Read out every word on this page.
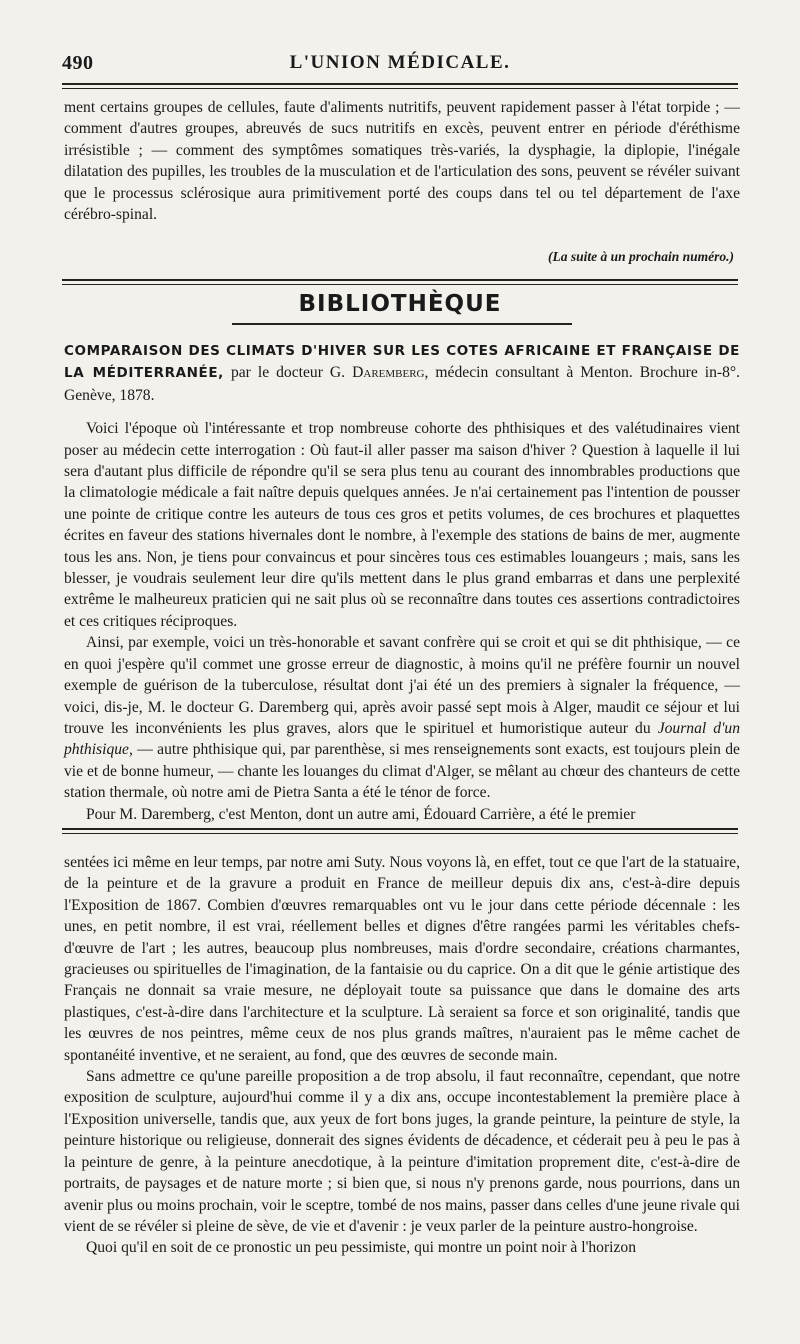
490	L'UNION MÉDICALE.

ment certains groupes de cellules, faute d'aliments nutritifs, peuvent rapidement passer à l'état torpide ; — comment d'autres groupes, abreuvés de sucs nutritifs en excès, peuvent entrer en période d'éréthisme irrésistible ; — comment des symptômes somatiques très-variés, la dysphagie, la diplopie, l'inégale dilatation des pupilles, les troubles de la musculation et de l'articulation des sons, peuvent se révéler suivant que le processus sclérosique aura primitivement porté des coups dans tel ou tel département de l'axe cérébro-spinal.

(La suite à un prochain numéro.)
BIBLIOTHÈQUE

COMPARAISON DES CLIMATS D'HIVER SUR LES COTES AFRICAINE ET FRANÇAISE DE LA MÉDITERRANÉE, par le docteur G. Daremberg, médecin consultant à Menton. Brochure in-8°. Genève, 1878.

Voici l'époque où l'intéressante et trop nombreuse cohorte des phthisiques et des valétudinaires vient poser au médecin cette interrogation : Où faut-il aller passer ma saison d'hiver ? Question à laquelle il lui sera d'autant plus difficile de répondre qu'il se sera plus tenu au courant des innombrables productions que la climatologie médicale a fait naître depuis quelques années. Je n'ai certainement pas l'intention de pousser une pointe de critique contre les auteurs de tous ces gros et petits volumes, de ces brochures et plaquettes écrites en faveur des stations hivernales dont le nombre, à l'exemple des stations de bains de mer, augmente tous les ans. Non, je tiens pour convaincus et pour sincères tous ces estimables louangeurs ; mais, sans les blesser, je voudrais seulement leur dire qu'ils mettent dans le plus grand embarras et dans une perplexité extrême le malheureux praticien qui ne sait plus où se reconnaître dans toutes ces assertions contradictoires et ces critiques réciproques.

Ainsi, par exemple, voici un très-honorable et savant confrère qui se croit et qui se dit phthisique, — ce en quoi j'espère qu'il commet une grosse erreur de diagnostic, à moins qu'il ne préfère fournir un nouvel exemple de guérison de la tuberculose, résultat dont j'ai été un des premiers à signaler la fréquence, — voici, dis-je, M. le docteur G. Daremberg qui, après avoir passé sept mois à Alger, maudit ce séjour et lui trouve les inconvénients les plus graves, alors que le spirituel et humoristique auteur du Journal d'un phthisique, — autre phthisique qui, par parenthèse, si mes renseignements sont exacts, est toujours plein de vie et de bonne humeur, — chante les louanges du climat d'Alger, se mêlant au chœur des chanteurs de cette station thermale, où notre ami de Pietra Santa a été le ténor de force.

Pour M. Daremberg, c'est Menton, dont un autre ami, Édouard Carrière, a été le premier

sentées ici même en leur temps, par notre ami Suty. Nous voyons là, en effet, tout ce que l'art de la statuaire, de la peinture et de la gravure a produit en France de meilleur depuis dix ans, c'est-à-dire depuis l'Exposition de 1867. Combien d'œuvres remarquables ont vu le jour dans cette période décennale : les unes, en petit nombre, il est vrai, réellement belles et dignes d'être rangées parmi les véritables chefs-d'œuvre de l'art ; les autres, beaucoup plus nombreuses, mais d'ordre secondaire, créations charmantes, gracieuses ou spirituelles de l'imagination, de la fantaisie ou du caprice. On a dit que le génie artistique des Français ne donnait sa vraie mesure, ne déployait toute sa puissance que dans le domaine des arts plastiques, c'est-à-dire dans l'architecture et la sculpture. Là seraient sa force et son originalité, tandis que les œuvres de nos peintres, même ceux de nos plus grands maîtres, n'auraient pas le même cachet de spontanéité inventive, et ne seraient, au fond, que des œuvres de seconde main.

Sans admettre ce qu'une pareille proposition a de trop absolu, il faut reconnaître, cependant, que notre exposition de sculpture, aujourd'hui comme il y a dix ans, occupe incontestablement la première place à l'Exposition universelle, tandis que, aux yeux de fort bons juges, la grande peinture, la peinture de style, la peinture historique ou religieuse, donnerait des signes évidents de décadence, et céderait peu à peu le pas à la peinture de genre, à la peinture anecdotique, à la peinture d'imitation proprement dite, c'est-à-dire de portraits, de paysages et de nature morte ; si bien que, si nous n'y prenons garde, nous pourrions, dans un avenir plus ou moins prochain, voir le sceptre, tombé de nos mains, passer dans celles d'une jeune rivale qui vient de se révéler si pleine de sève, de vie et d'avenir : je veux parler de la peinture austro-hongroise.

Quoi qu'il en soit de ce pronostic un peu pessimiste, qui montre un point noir à l'horizon
